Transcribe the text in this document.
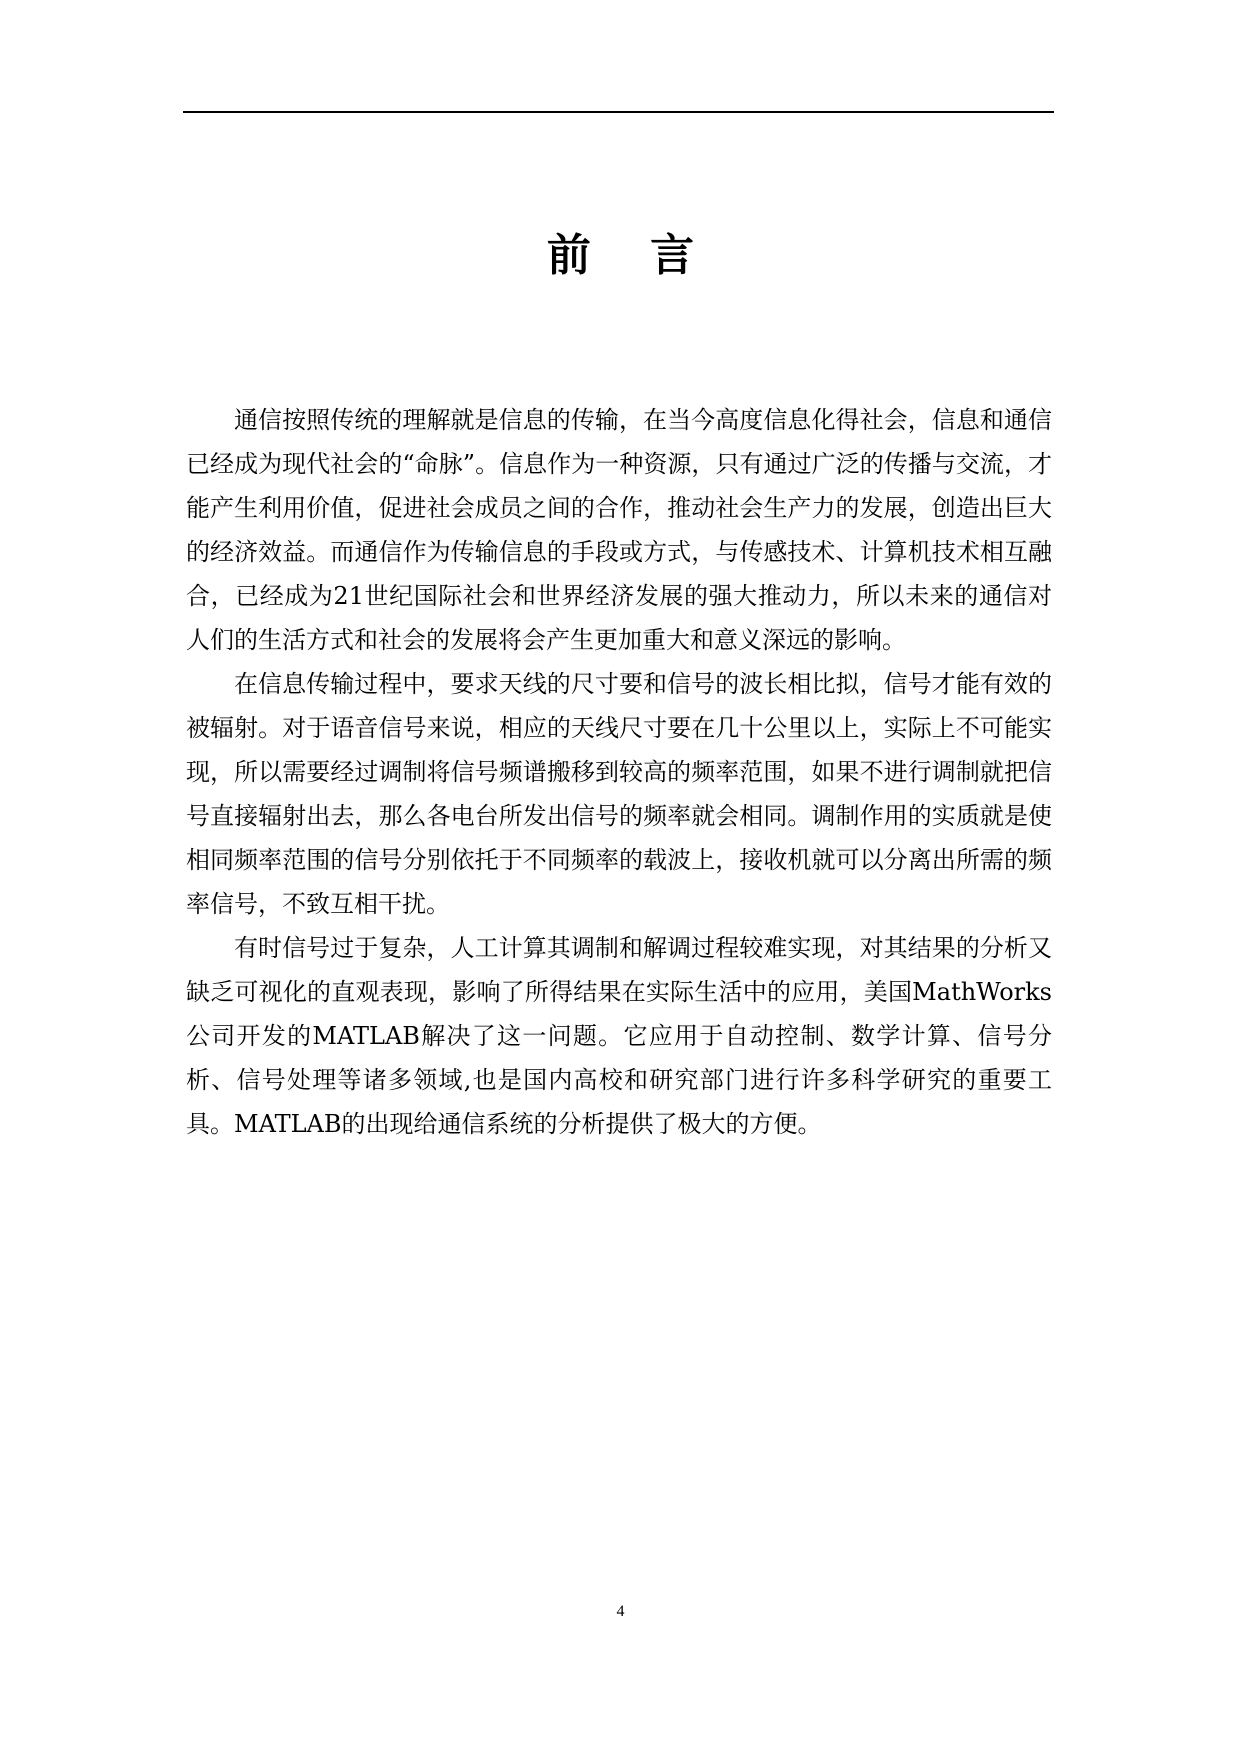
前 言

通信按照传统的理解就是信息的传输，在当今高度信息化得社会，信息和通信已经成为现代社会的“命脉”。信息作为一种资源，只有通过广泛的传播与交流，才能产生利用价值，促进社会成员之间的合作，推动社会生产力的发展，创造出巨大的经济效益。而通信作为传输信息的手段或方式，与传感技术、计算机技术相互融合，已经成为21世纪国际社会和世界经济发展的强大推动力，所以未来的通信对人们的生活方式和社会的发展将会产生更加重大和意义深远的影响。

在信息传输过程中，要求天线的尺寸要和信号的波长相比拟，信号才能有效的被辐射。对于语音信号来说，相应的天线尺寸要在几十公里以上，实际上不可能实现，所以需要经过调制将信号频谱搬移到较高的频率范围，如果不进行调制就把信号直接辐射出去，那么各电台所发出信号的频率就会相同。调制作用的实质就是使相同频率范围的信号分别依托于不同频率的载波上，接收机就可以分离出所需的频率信号，不致互相干扰。

有时信号过于复杂，人工计算其调制和解调过程较难实现，对其结果的分析又缺乏可视化的直观表现，影响了所得结果在实际生活中的应用，美国MathWorks公司开发的MATLAB解决了这一问题。它应用于自动控制、数学计算、信号分析、信号处理等诸多领域,也是国内高校和研究部门进行许多科学研究的重要工具。MATLAB的出现给通信系统的分析提供了极大的方便。

4
